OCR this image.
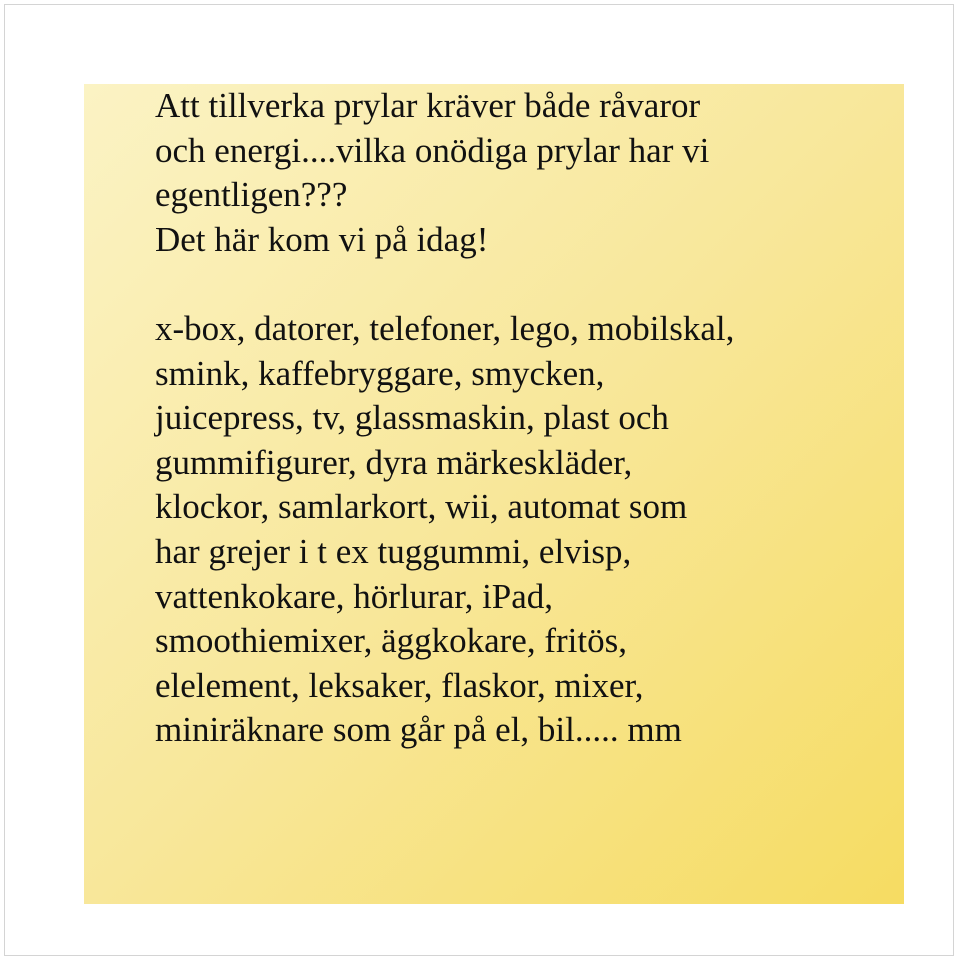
Att tillverka prylar kräver både råvaror
och energi....vilka onödiga prylar har vi
egentligen???
Det här kom vi på idag!
x-box, datorer, telefoner, lego, mobilskal,
smink, kaffebryggare, smycken,
juicepress, tv, glassmaskin, plast och
gummifigurer, dyra märkeskläder,
klockor, samlarkort, wii, automat som
har grejer i t ex tuggummi, elvisp,
vattenkokare, hörlurar, iPad,
smoothiemixer, äggkokare, fritös,
elelement, leksaker, flaskor, mixer,
miniräknare som går på el, bil..... mm
